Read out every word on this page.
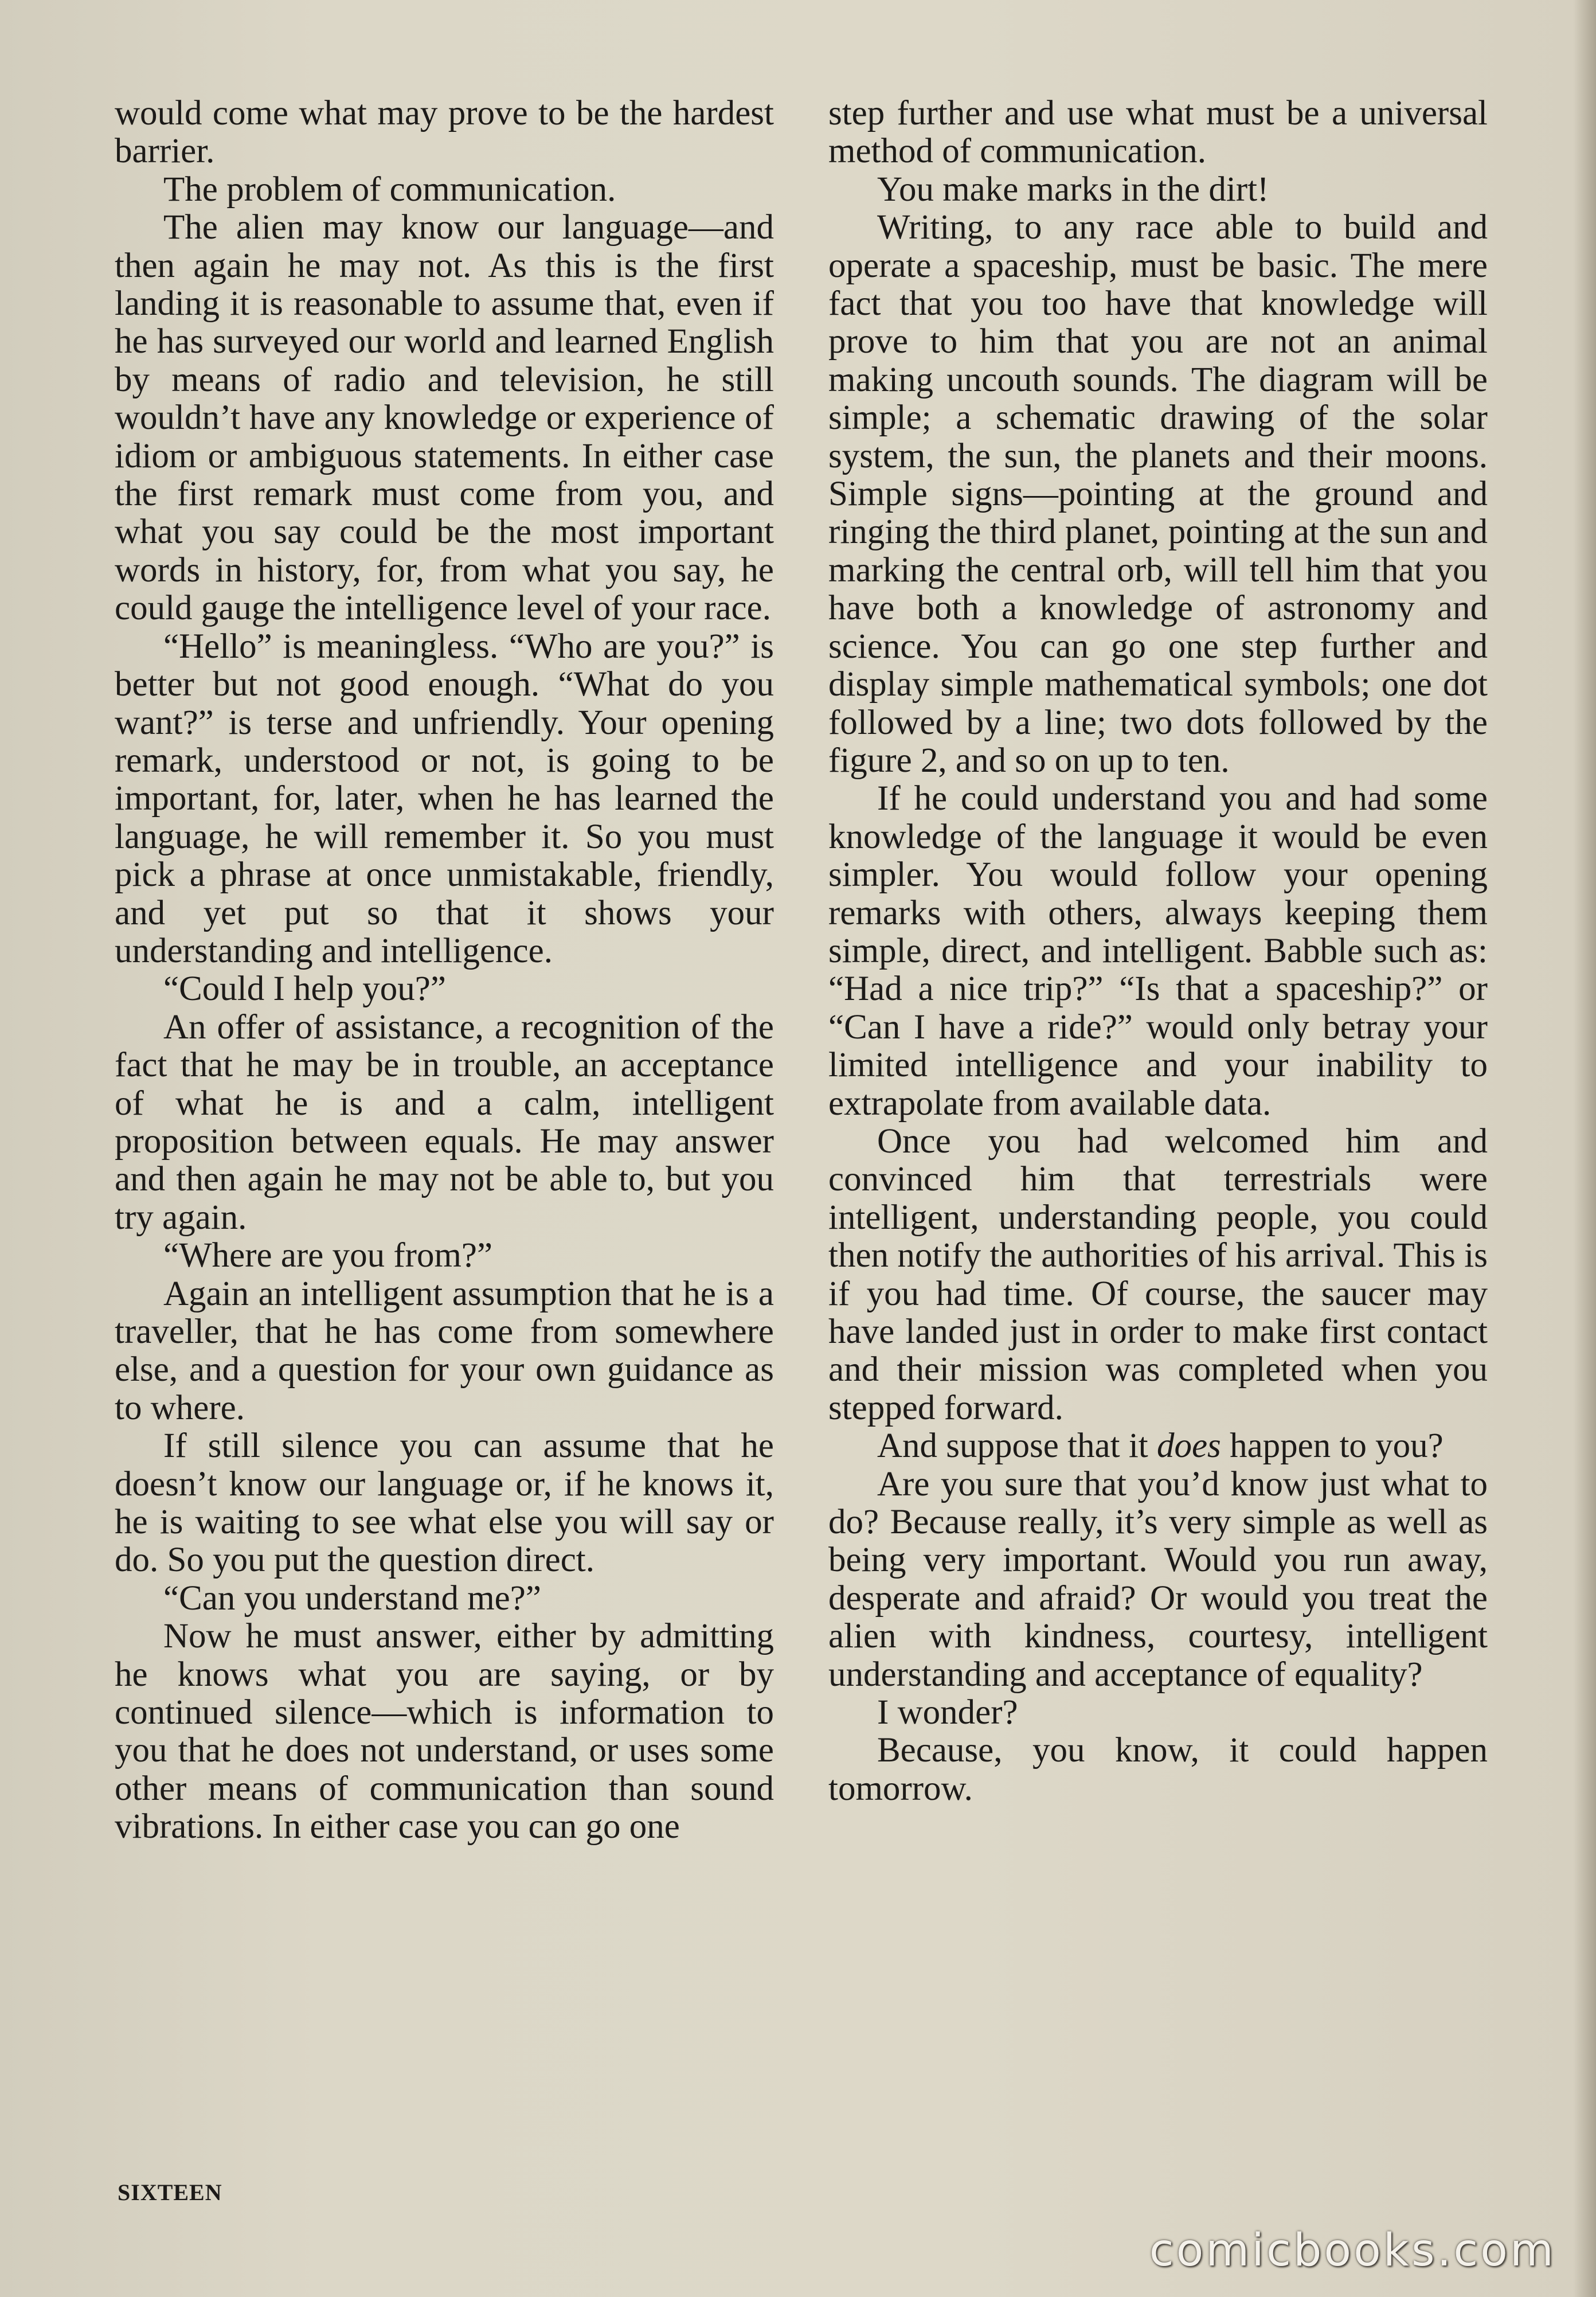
would come what may prove to be the hardest barrier.

The problem of communication.

The alien may know our language—and then again he may not. As this is the first landing it is reasonable to assume that, even if he has surveyed our world and learned English by means of radio and television, he still wouldn’t have any knowledge or experience of idiom or ambiguous statements. In either case the first remark must come from you, and what you say could be the most important words in history, for, from what you say, he could gauge the intelligence level of your race.

“Hello” is meaningless. “Who are you?” is better but not good enough. “What do you want?” is terse and unfriendly. Your opening remark, understood or not, is going to be important, for, later, when he has learned the language, he will remember it. So you must pick a phrase at once unmistakable, friendly, and yet put so that it shows your understanding and intelligence.

“Could I help you?”

An offer of assistance, a recognition of the fact that he may be in trouble, an acceptance of what he is and a calm, intelligent proposition between equals. He may answer and then again he may not be able to, but you try again.

“Where are you from?”

Again an intelligent assumption that he is a traveller, that he has come from somewhere else, and a question for your own guidance as to where.

If still silence you can assume that he doesn’t know our language or, if he knows it, he is waiting to see what else you will say or do. So you put the question direct.

“Can you understand me?”

Now he must answer, either by admitting he knows what you are saying, or by continued silence—which is information to you that he does not understand, or uses some other means of communication than sound vibrations. In either case you can go one

step further and use what must be a universal method of communication.

You make marks in the dirt!

Writing, to any race able to build and operate a spaceship, must be basic. The mere fact that you too have that knowledge will prove to him that you are not an animal making uncouth sounds. The diagram will be simple; a schematic drawing of the solar system, the sun, the planets and their moons. Simple signs—pointing at the ground and ringing the third planet, pointing at the sun and marking the central orb, will tell him that you have both a knowledge of astronomy and science. You can go one step further and display simple mathematical symbols; one dot followed by a line; two dots followed by the figure 2, and so on up to ten.

If he could understand you and had some knowledge of the language it would be even simpler. You would follow your opening remarks with others, always keeping them simple, direct, and intelligent. Babble such as: “Had a nice trip?” “Is that a spaceship?” or “Can I have a ride?” would only betray your limited intelligence and your inability to extrapolate from available data.

Once you had welcomed him and convinced him that terrestrials were intelligent, understanding people, you could then notify the authorities of his arrival. This is if you had time. Of course, the saucer may have landed just in order to make first contact and their mission was completed when you stepped forward.

And suppose that it does happen to you?

Are you sure that you’d know just what to do? Because really, it’s very simple as well as being very important. Would you run away, desperate and afraid? Or would you treat the alien with kindness, courtesy, intelligent understanding and acceptance of equality?

I wonder?

Because, you know, it could happen tomorrow.

SIXTEEN
comicbooks.com
